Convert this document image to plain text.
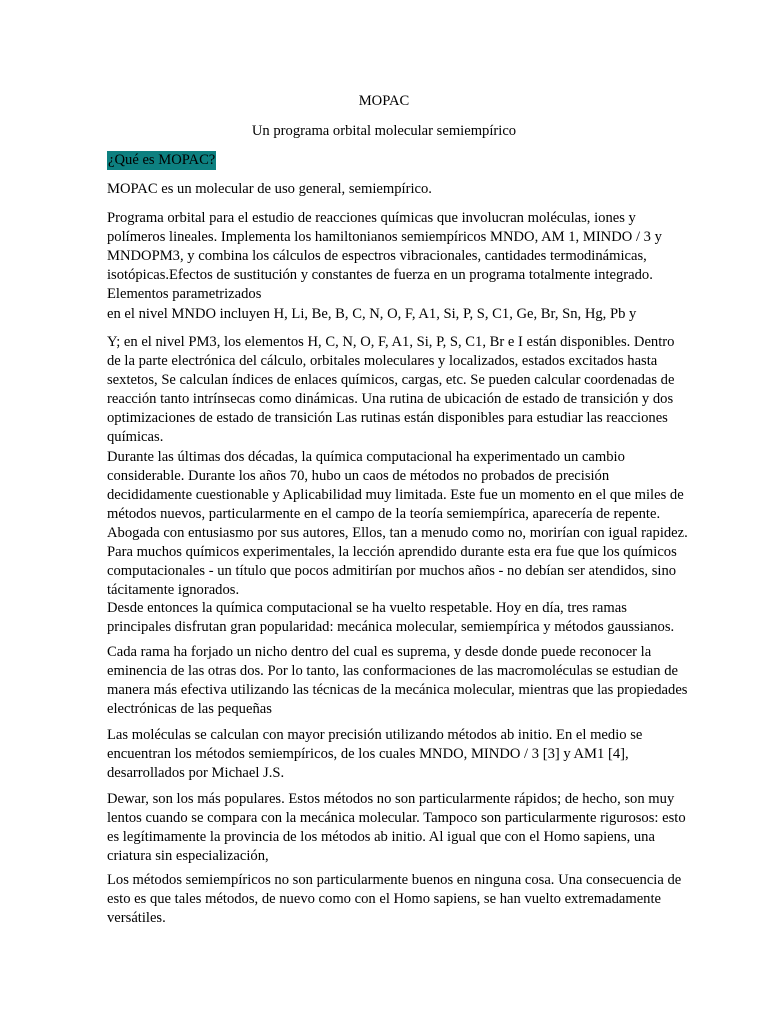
MOPAC
Un programa orbital molecular semiempírico
¿Qué es MOPAC?

MOPAC es un molecular de uso general, semiempírico.

Programa orbital para el estudio de reacciones químicas que involucran moléculas, iones y
polímeros lineales. Implementa los hamiltonianos semiempíricos MNDO, AM 1, MINDO / 3 y
MNDOPM3, y combina los cálculos de espectros vibracionales, cantidades termodinámicas,
isotópicas.Efectos de sustitución y constantes de fuerza en un programa totalmente integrado.
Elementos parametrizados

en el nivel MNDO incluyen H, Li, Be, B, C, N, O, F, A1, Si, P, S, C1, Ge, Br, Sn, Hg, Pb y

Y; en el nivel PM3, los elementos H, C, N, O, F, A1, Si, P, S, C1, Br e I están disponibles. Dentro
de la parte electrónica del cálculo, orbitales moleculares y localizados, estados excitados hasta
sextetos, Se calculan índices de enlaces químicos, cargas, etc. Se pueden calcular coordenadas de
reacción tanto intrínsecas como dinámicas. Una rutina de ubicación de estado de transición y dos
optimizaciones de estado de transición Las rutinas están disponibles para estudiar las reacciones
químicas.

Durante las últimas dos décadas, la química computacional ha experimentado un cambio
considerable. Durante los años 70, hubo un caos de métodos no probados de precisión
decididamente cuestionable y Aplicabilidad muy limitada. Este fue un momento en el que miles de
métodos nuevos, particularmente en el campo de la teoría semiempírica, aparecería de repente.
Abogada con entusiasmo por sus autores, Ellos, tan a menudo como no, morirían con igual rapidez.
Para muchos químicos experimentales, la lección aprendido durante esta era fue que los químicos
computacionales - un título que pocos admitirían por muchos años - no debían ser atendidos, sino
tácitamente ignorados.

Desde entonces la química computacional se ha vuelto respetable. Hoy en día, tres ramas
principales disfrutan gran popularidad: mecánica molecular, semiempírica y métodos gaussianos.

Cada rama ha forjado un nicho dentro del cual es suprema, y desde donde puede reconocer la
eminencia de las otras dos. Por lo tanto, las conformaciones de las macromoléculas se estudian de
manera más efectiva utilizando las técnicas de la mecánica molecular, mientras que las propiedades
electrónicas de las pequeñas

Las moléculas se calculan con mayor precisión utilizando métodos ab initio. En el medio se
encuentran los métodos semiempíricos, de los cuales MNDO, MINDO / 3 [3] y AM1 [4],
desarrollados por Michael J.S.

Dewar, son los más populares. Estos métodos no son particularmente rápidos; de hecho, son muy
lentos cuando se compara con la mecánica molecular. Tampoco son particularmente rigurosos: esto
es legítimamente la provincia de los métodos ab initio. Al igual que con el Homo sapiens, una
criatura sin especialización,

Los métodos semiempíricos no son particularmente buenos en ninguna cosa. Una consecuencia de
esto es que tales métodos, de nuevo como con el Homo sapiens, se han vuelto extremadamente
versátiles.
